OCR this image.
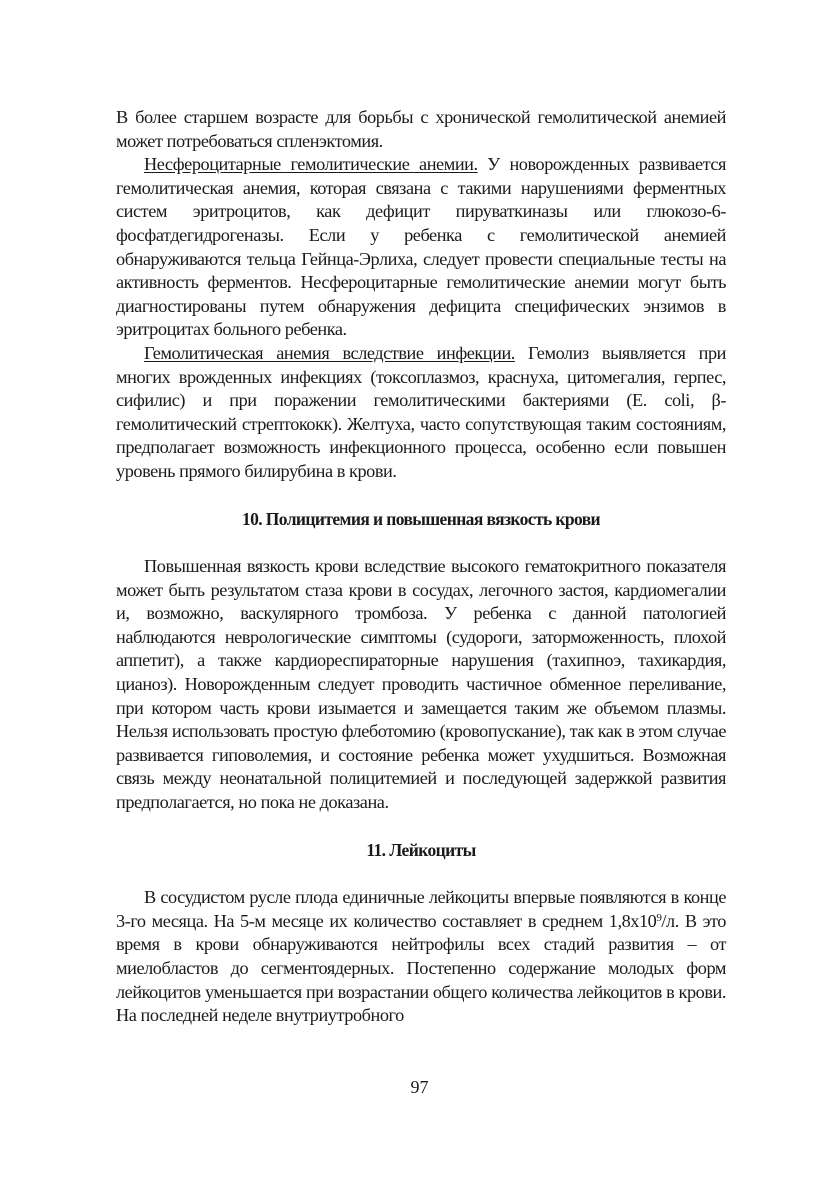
В более старшем возрасте для борьбы с хронической гемолитической анемией может потребоваться спленэктомия.

Несфероцитарные гемолитические анемии. У новорожденных развивается гемолитическая анемия, которая связана с такими нарушениями ферментных систем эритроцитов, как дефицит пируваткиназы или глюкозо-6-фосфатдегидрогеназы. Если у ребенка с гемолитической анемией обнаруживаются тельца Гейнца-Эрлиха, следует провести специальные тесты на активность ферментов. Несфероцитарные гемолитические анемии могут быть диагностированы путем обнаружения дефицита специфических энзимов в эритроцитах больного ребенка.

Гемолитическая анемия вследствие инфекции. Гемолиз выявляется при многих врожденных инфекциях (токсоплазмоз, краснуха, цитомегалия, герпес, сифилис) и при поражении гемолитическими бактериями (E. coli, β-гемолитический стрептококк). Желтуха, часто сопутствующая таким состояниям, предполагает возможность инфекционного процесса, особенно если повышен уровень прямого билирубина в крови.

10. Полицитемия и повышенная вязкость крови

Повышенная вязкость крови вследствие высокого гематокритного показателя может быть результатом стаза крови в сосудах, легочного застоя, кардиомегалии и, возможно, васкулярного тромбоза. У ребенка с данной патологией наблюдаются неврологические симптомы (судороги, заторможенность, плохой аппетит), а также кардиореспираторные нарушения (тахипноэ, тахикардия, цианоз). Новорожденным следует проводить частичное обменное переливание, при котором часть крови изымается и замещается таким же объемом плазмы. Нельзя использовать простую флеботомию (кровопускание), так как в этом случае развивается гиповолемия, и состояние ребенка может ухудшиться. Возможная связь между неонатальной полицитемией и последующей задержкой развития предполагается, но пока не доказана.

11. Лейкоциты

В сосудистом русле плода единичные лейкоциты впервые появляются в конце 3-го месяца. На 5-м месяце их количество составляет в среднем $1,8x10^9/л$. В это время в крови обнаруживаются нейтрофилы всех стадий развития – от миелобластов до сегментоядерных. Постепенно содержание молодых форм лейкоцитов уменьшается при возрастании общего количества лейкоцитов в крови. На последней неделе внутриутробного

97
